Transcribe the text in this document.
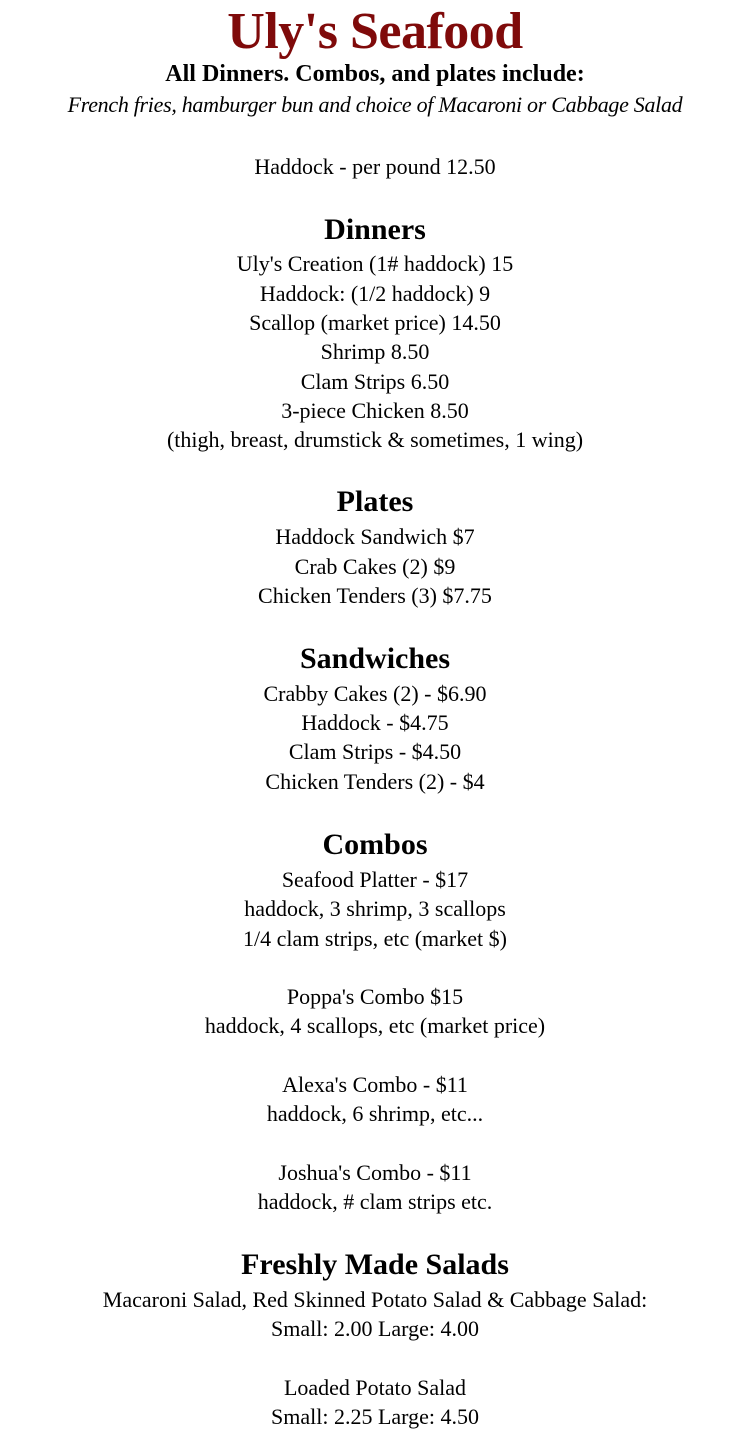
Uly's Seafood
All Dinners. Combos, and plates include:
French fries, hamburger bun and choice of Macaroni or Cabbage Salad
Haddock - per pound 12.50
Dinners
Uly's Creation (1# haddock) 15
Haddock: (1/2 haddock) 9
Scallop (market price) 14.50
Shrimp 8.50
Clam Strips 6.50
3-piece Chicken 8.50
(thigh, breast, drumstick & sometimes, 1 wing)
Plates
Haddock Sandwich $7
Crab Cakes (2) $9
Chicken Tenders (3) $7.75
Sandwiches
Crabby Cakes (2) - $6.90
Haddock - $4.75
Clam Strips - $4.50
Chicken Tenders (2) - $4
Combos
Seafood Platter - $17
haddock, 3 shrimp, 3 scallops
1/4 clam strips, etc (market $)
Poppa's Combo $15
haddock, 4 scallops, etc (market price)
Alexa's Combo - $11
haddock, 6 shrimp, etc...
Joshua's Combo - $11
haddock, # clam strips etc.
Freshly Made Salads
Macaroni Salad, Red Skinned Potato Salad & Cabbage Salad:
Small: 2.00 Large: 4.00
Loaded Potato Salad
Small: 2.25 Large: 4.50
